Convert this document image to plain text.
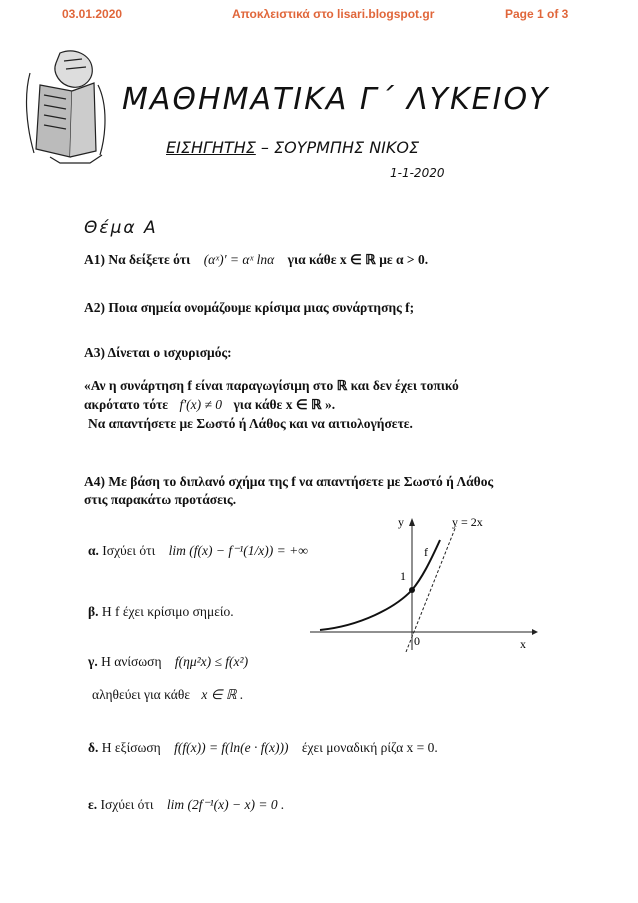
03.01.2020	Αποκλειστικά στο lisari.blogspot.gr	Page 1 of 3
ΜΑΘΗΜΑΤΙΚΑ Γ΄ ΛΥΚΕΙΟΥ
ΕΙΣΗΓΗΤΗΣ – ΣΟΥΡΜΠΗΣ ΝΙΚΟΣ
1-1-2020
Θέμα Α
Α1) Να δείξετε ότι (αˣ)′ = αˣ lnα για κάθε x ∈ ℝ με α > 0.
Α2) Ποια σημεία ονομάζουμε κρίσιμα μιας συνάρτησης f;
Α3) Δίνεται ο ισχυρισμός:
«Αν η συνάρτηση f είναι παραγωγίσιμη στο ℝ και δεν έχει τοπικό
ακρότατο τότε f′(x) ≠ 0 για κάθε x ∈ ℝ ».
Να απαντήσετε με Σωστό ή Λάθος και να αιτιολογήσετε.
Α4) Με βάση το διπλανό σχήμα της f να απαντήσετε με Σωστό ή Λάθος
στις παρακάτω προτάσεις.
α. Ισχύει ότι lim (f(x) − f⁻¹(1/x)) = +∞
β. Η f έχει κρίσιμο σημείο.
γ. Η ανίσωση f(ημ²x) ≤ f(x²)
αληθεύει για κάθε x ∈ ℝ .
δ. Η εξίσωση f(f(x)) = f(ln(e · f(x))) έχει μοναδική ρίζα x = 0.
ε. Ισχύει ότι lim (2f⁻¹(x) − x) = 0 .
y
x
y = 2x
f
1
0
